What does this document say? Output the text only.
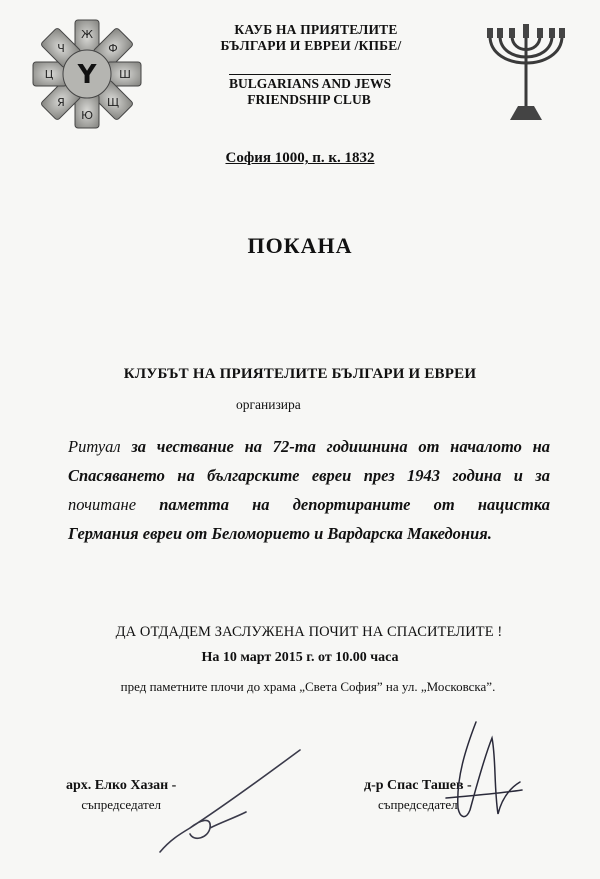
Ж
Ф
Ш
Щ
Ю
Я
Ц
Ч
Y
КАУБ НА ПРИЯТЕЛИТЕ
БЪЛГАРИ И ЕВРЕИ /КПБЕ/
BULGARIANS AND JEWS
FRIENDSHIP CLUB
София 1000, п. к. 1832
ПОКАНА
КЛУБЪТ НА ПРИЯТЕЛИТЕ БЪЛГАРИ И ЕВРЕИ
организира
Ритуал за чествание на 72-та годишнина от началото на
Спасяването на българските евреи през 1943 година и за
почитане паметта на депортираните от нацистка
Германия евреи от Беломорието и Вардарска Македония.
ДА ОТДАДЕМ ЗАСЛУЖЕНА ПОЧИТ НА СПАСИТЕЛИТЕ !
На 10 март 2015 г. от 10.00 часа
пред паметните плочи до храма „Света София” на ул. „Московска”.
арх. Елко Хазан -
съпредседател
д-р Спас Ташев -
съпредседател
